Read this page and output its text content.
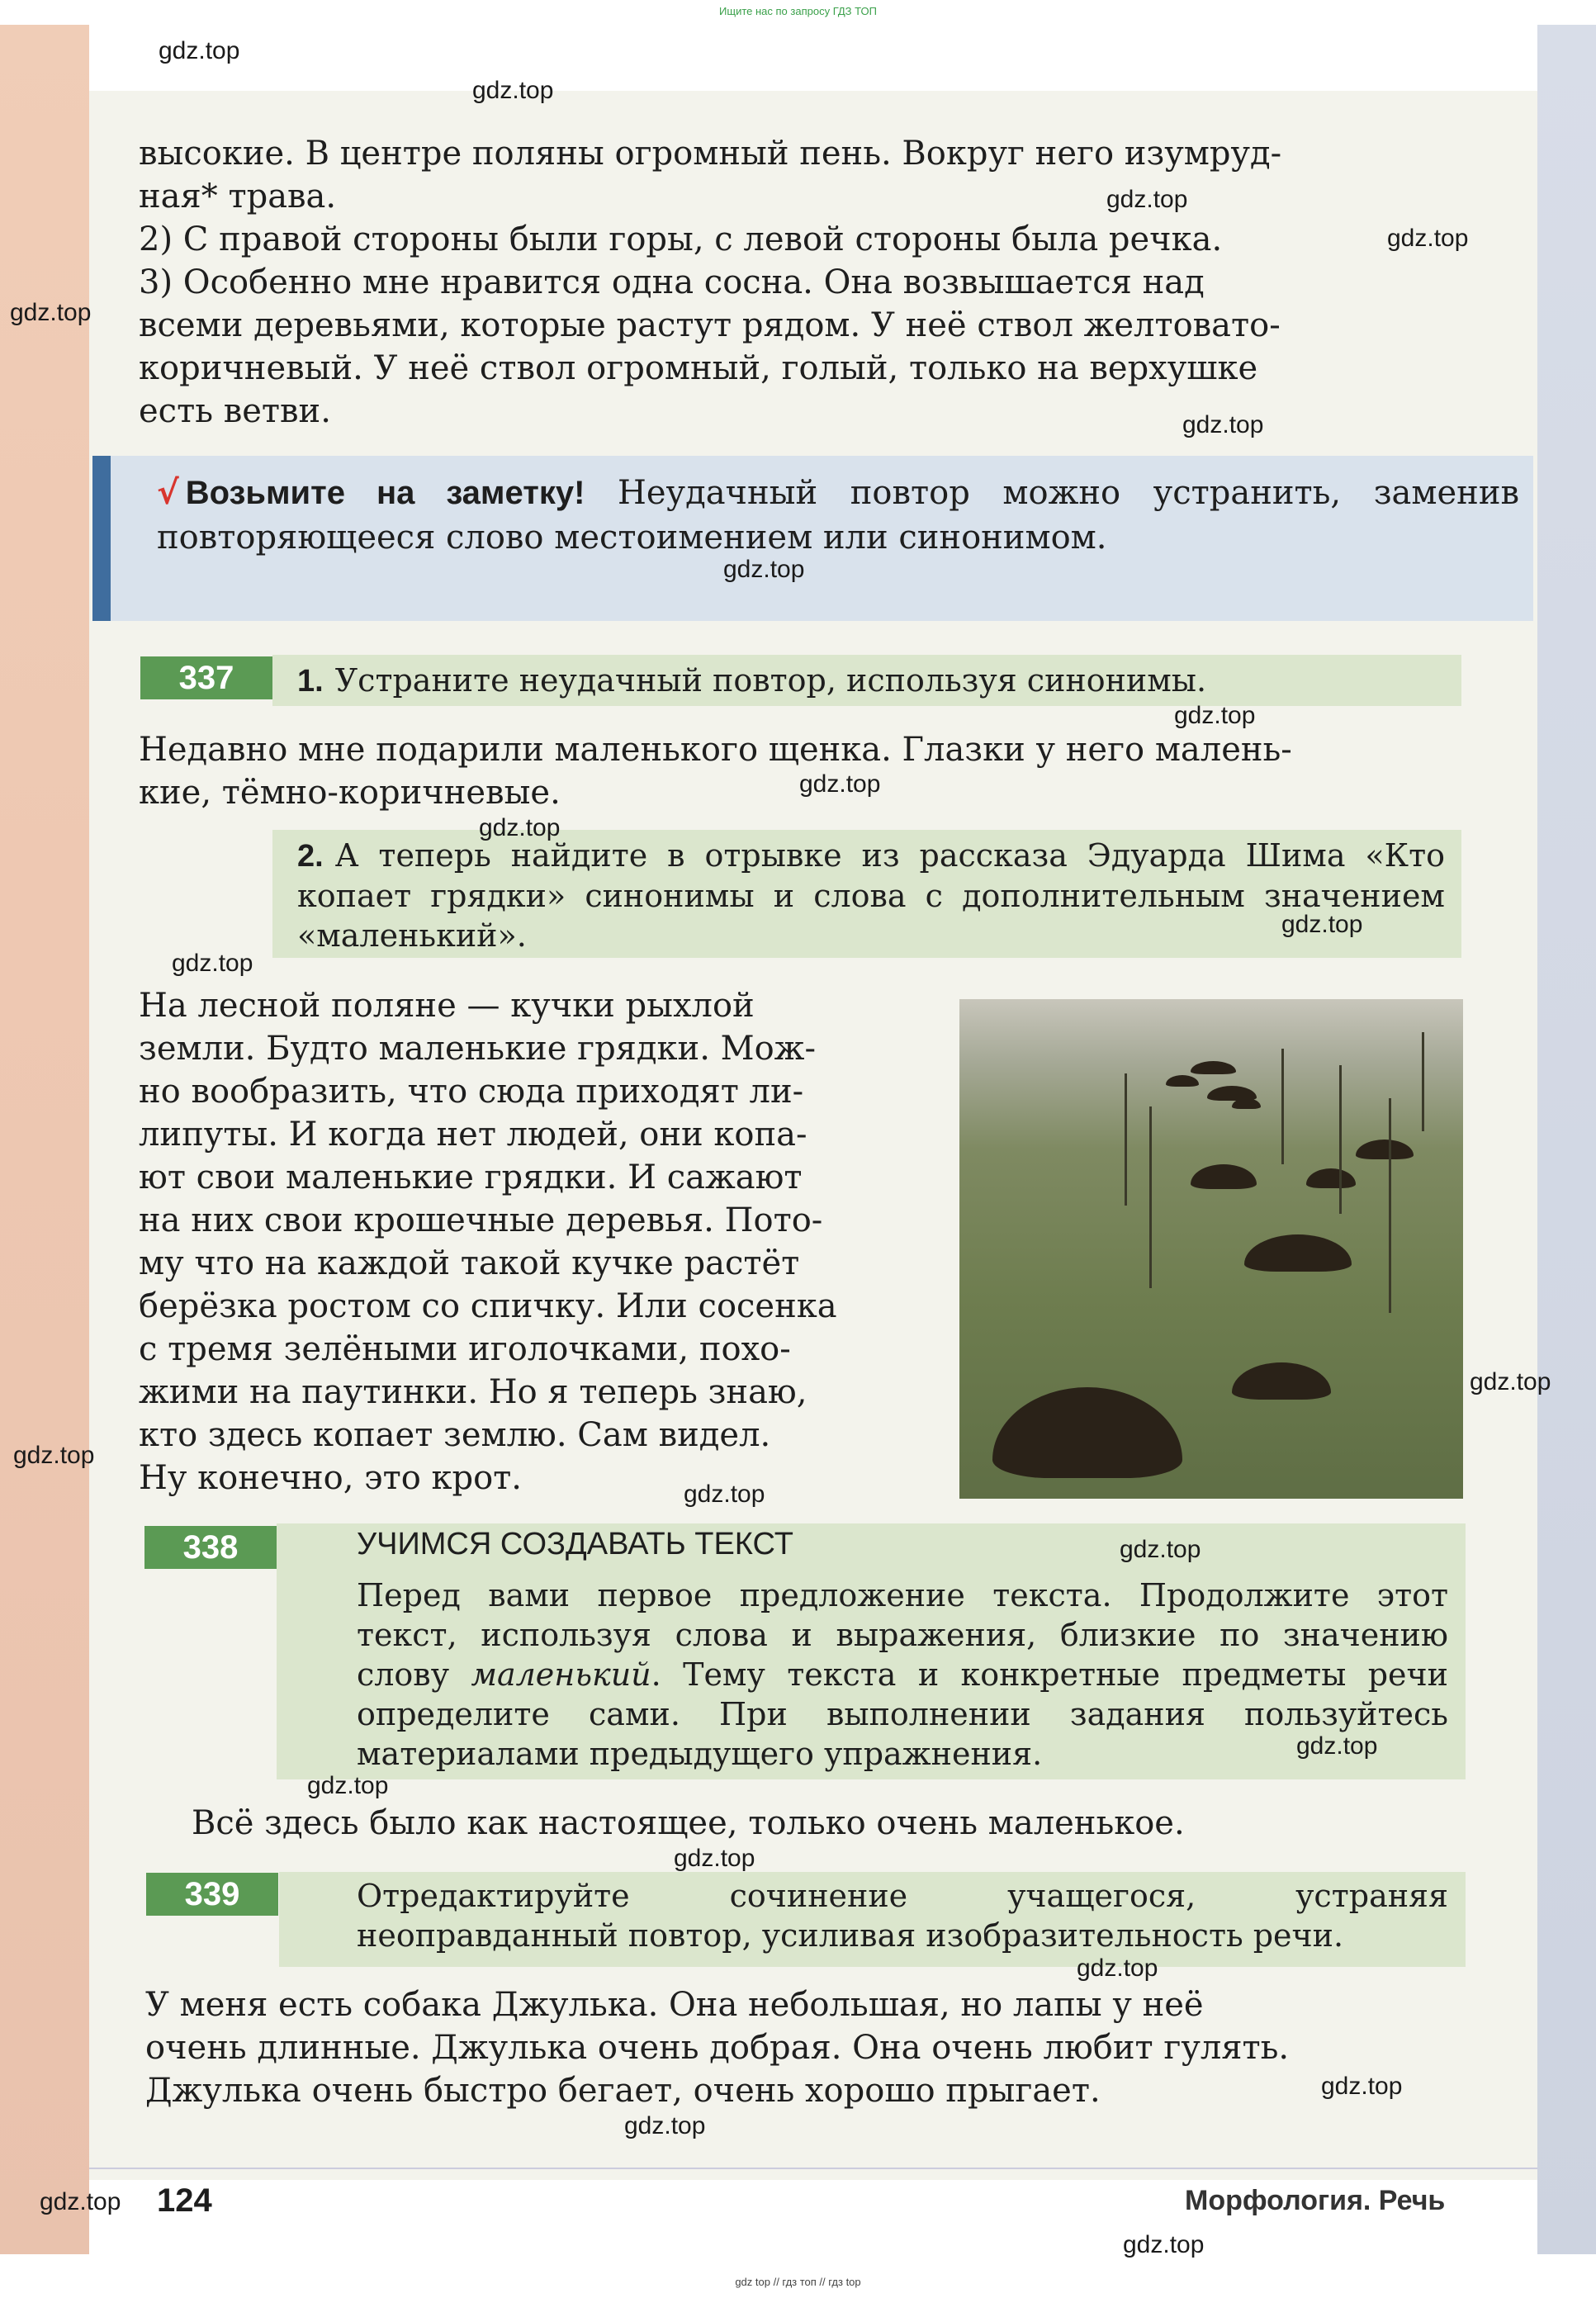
Ищите нас по запросу ГДЗ ТОП
высокие. В центре поляны огромный пень. Вокруг него изумруд-
ная* трава.
2) С правой стороны были горы, с левой стороны была речка.
3) Особенно мне нравится одна сосна. Она возвышается над
всеми деревьями, которые растут рядом. У неё ствол желтовато-
коричневый. У неё ствол огромный, голый, только на верхушке
есть ветви.
√ Возьмите на заметку! Неудачный повтор можно устранить, заменив повторяющееся слово местоимением или синонимом.
337	1. Устраните неудачный повтор, используя синонимы.
Недавно мне подарили маленького щенка. Глазки у него малень-
кие, тёмно-коричневые.
2. А теперь найдите в отрывке из рассказа Эдуарда Шима «Кто копает грядки» синонимы и слова с дополнительным значением «маленький».
На лесной поляне — кучки рыхлой
земли. Будто маленькие грядки. Мож-
но вообразить, что сюда приходят ли-
липуты. И когда нет людей, они копа-
ют свои маленькие грядки. И сажают
на них свои крошечные деревья. Пото-
му что на каждой такой кучке растёт
берёзка ростом со спичку. Или сосенка
с тремя зелёными иголочками, похо-
жими на паутинки. Но я теперь знаю,
кто здесь копает землю. Сам видел.
Ну конечно, это крот.
338	УЧИМСЯ СОЗДАВАТЬ ТЕКСТ
Перед вами первое предложение текста. Продолжите этот текст, используя слова и выражения, близкие по значению слову маленький. Тему текста и конкретные предметы речи определите сами. При выполнении задания пользуйтесь материалами предыдущего упражнения.
Всё здесь было как настоящее, только очень маленькое.
339	Отредактируйте сочинение учащегося, устраняя неоправданный повтор, усиливая изобразительность речи.
У меня есть собака Джулька. Она небольшая, но лапы у неё
очень длинные. Джулька очень добрая. Она очень любит гулять.
Джулька очень быстро бегает, очень хорошо прыгает.
124	Морфология. Речь
gdz.top
gdz.top
gdz.top
gdz.top
gdz.top
gdz.top
gdz.top
gdz.top
gdz.top
gdz.top
gdz.top
gdz.top
gdz.top
gdz.top
gdz.top
gdz.top
gdz.top
gdz.top
gdz.top
gdz.top
gdz.top
gdz.top
gdz.top
gdz.top
gdz top // гдз топ // гдз top
